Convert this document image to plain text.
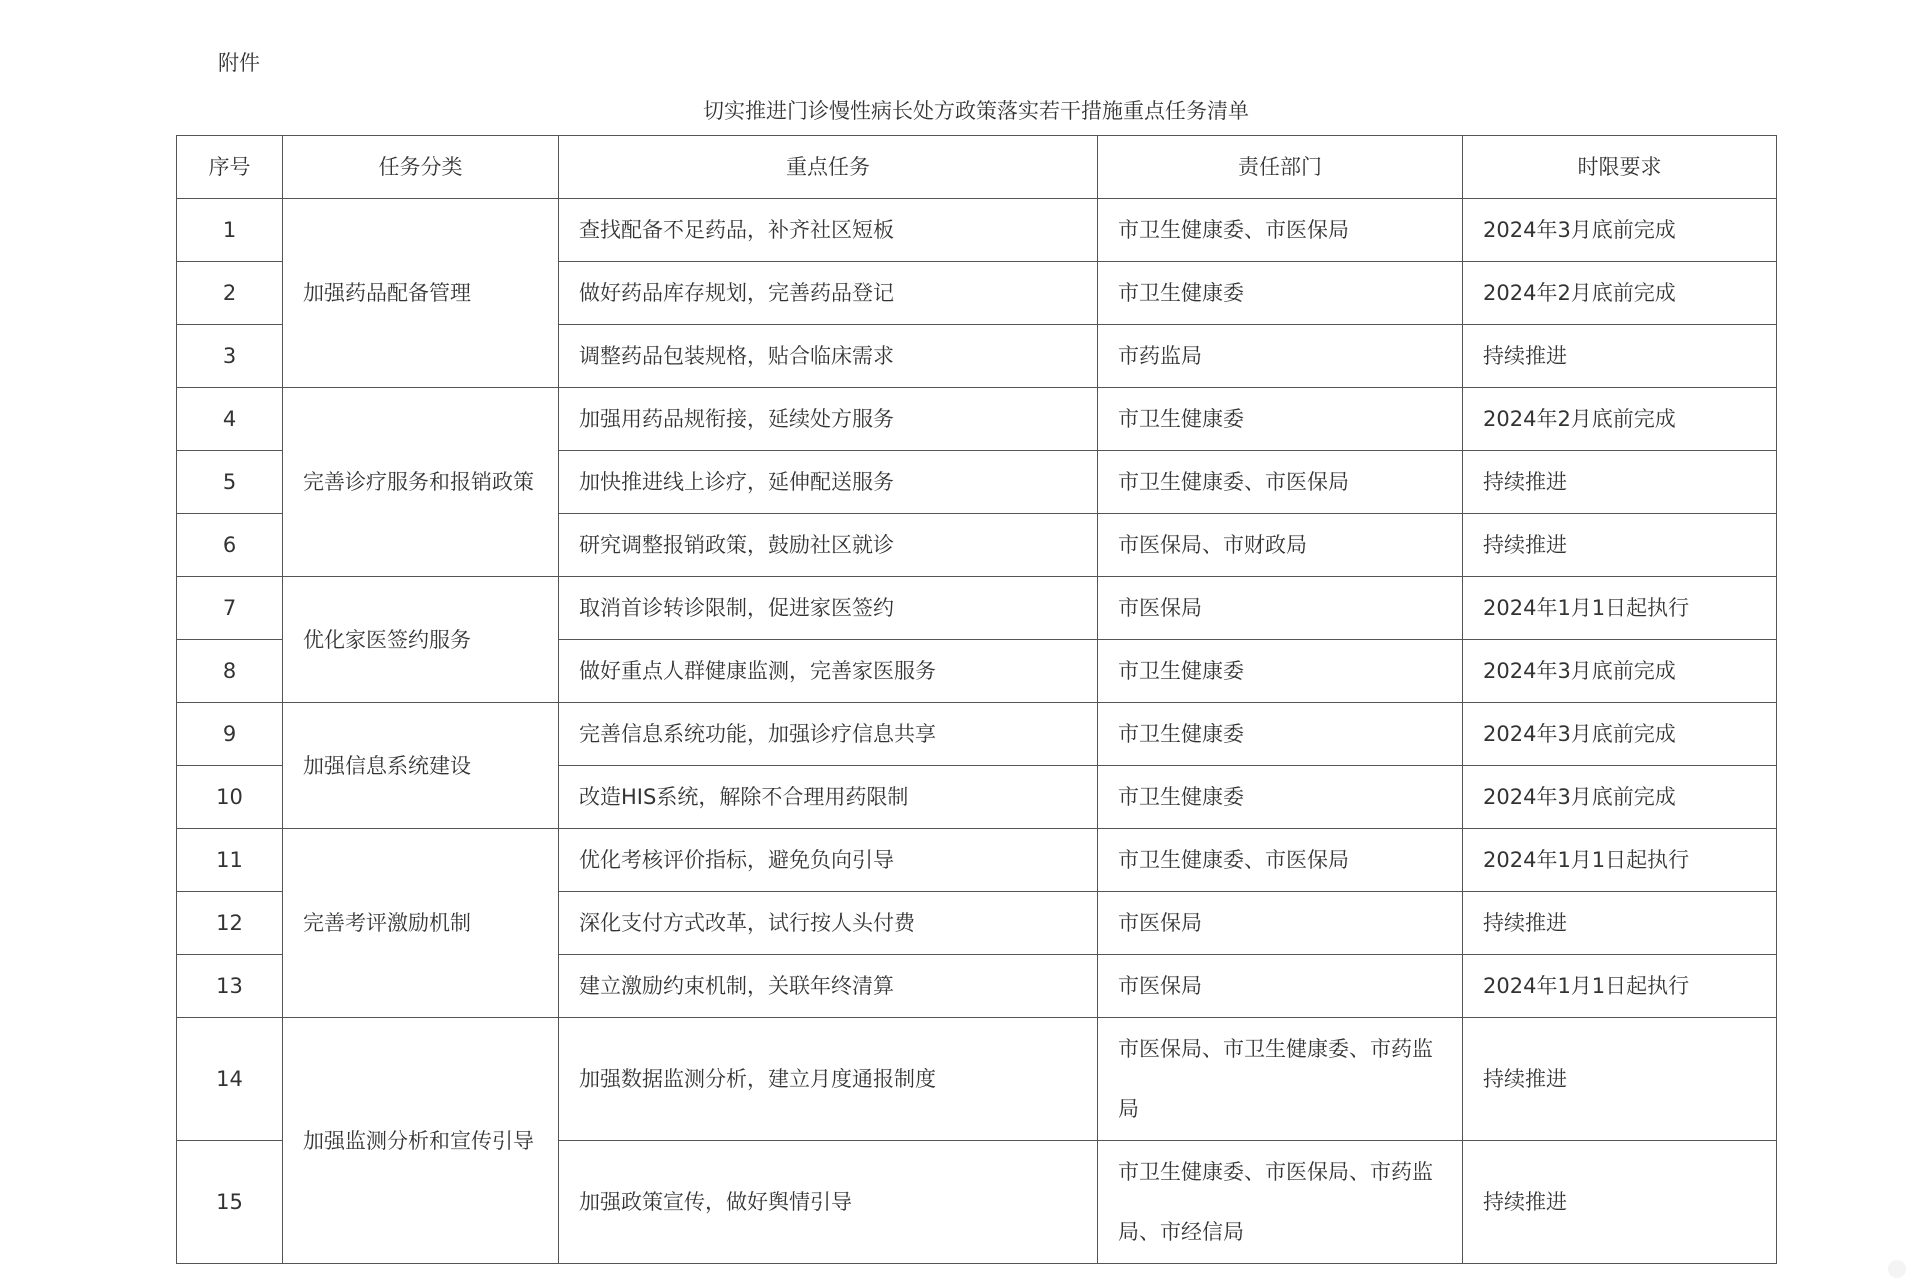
附件
切实推进门诊慢性病长处方政策落实若干措施重点任务清单
序号	任务分类	重点任务	责任部门	时限要求
1	加强药品配备管理	查找配备不足药品，补齐社区短板	市卫生健康委、市医保局	2024年3月底前完成
2		做好药品库存规划，完善药品登记	市卫生健康委	2024年2月底前完成
3		调整药品包装规格，贴合临床需求	市药监局	持续推进
4	完善诊疗服务和报销政策	加强用药品规衔接，延续处方服务	市卫生健康委	2024年2月底前完成
5		加快推进线上诊疗，延伸配送服务	市卫生健康委、市医保局	持续推进
6		研究调整报销政策，鼓励社区就诊	市医保局、市财政局	持续推进
7	优化家医签约服务	取消首诊转诊限制，促进家医签约	市医保局	2024年1月1日起执行
8		做好重点人群健康监测，完善家医服务	市卫生健康委	2024年3月底前完成
9	加强信息系统建设	完善信息系统功能，加强诊疗信息共享	市卫生健康委	2024年3月底前完成
10		改造HIS系统，解除不合理用药限制	市卫生健康委	2024年3月底前完成
11	完善考评激励机制	优化考核评价指标，避免负向引导	市卫生健康委、市医保局	2024年1月1日起执行
12		深化支付方式改革，试行按人头付费	市医保局	持续推进
13		建立激励约束机制，关联年终清算	市医保局	2024年1月1日起执行
14	加强监测分析和宣传引导	加强数据监测分析，建立月度通报制度	市医保局、市卫生健康委、市药监局	持续推进
15		加强政策宣传，做好舆情引导	市卫生健康委、市医保局、市药监局、市经信局	持续推进
